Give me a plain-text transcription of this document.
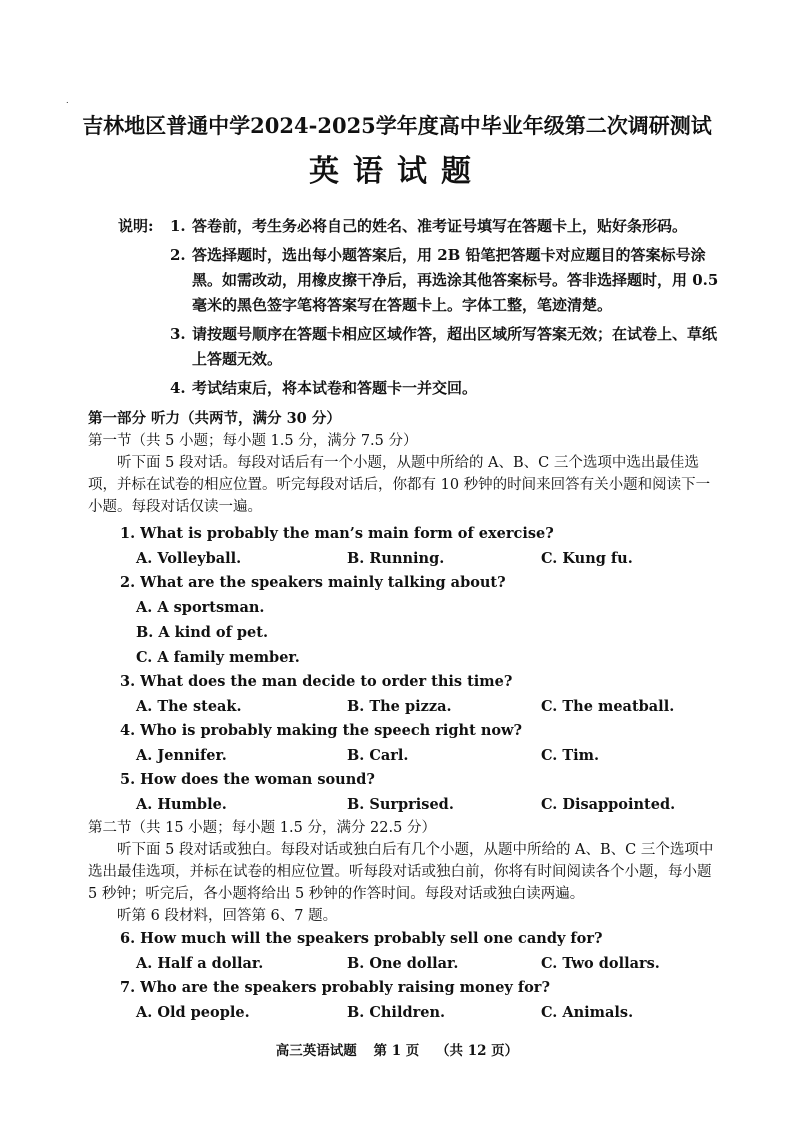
.
吉林地区普通中学2024-2025学年度高中毕业年级第二次调研测试
英语试题
说明:	1. 答卷前，考生务必将自己的姓名、准考证号填写在答题卡上，贴好条形码。
2. 答选择题时，选出每小题答案后，用 2B 铅笔把答题卡对应题目的答案标号涂黑。如需改动，用橡皮擦干净后，再选涂其他答案标号。答非选择题时，用 0.5 毫米的黑色签字笔将答案写在答题卡上。字体工整，笔迹清楚。
3. 请按题号顺序在答题卡相应区域作答，超出区域所写答案无效；在试卷上、草纸上答题无效。
4. 考试结束后，将本试卷和答题卡一并交回。
第一部分 听力（共两节，满分 30 分）
第一节（共 5 小题；每小题 1.5 分，满分 7.5 分）
听下面 5 段对话。每段对话后有一个小题，从题中所给的 A、B、C 三个选项中选出最佳选项，并标在试卷的相应位置。听完每段对话后，你都有 10 秒钟的时间来回答有关小题和阅读下一小题。每段对话仅读一遍。
1. What is probably the man’s main form of exercise?
A. Volleyball.	B. Running.	C. Kung fu.
2. What are the speakers mainly talking about?
A. A sportsman.
B. A kind of pet.
C. A family member.
3. What does the man decide to order this time?
A. The steak.	B. The pizza.	C. The meatball.
4. Who is probably making the speech right now?
A. Jennifer.	B. Carl.	C. Tim.
5. How does the woman sound?
A. Humble.	B. Surprised.	C. Disappointed.
第二节（共 15 小题；每小题 1.5 分，满分 22.5 分）
听下面 5 段对话或独白。每段对话或独白后有几个小题，从题中所给的 A、B、C 三个选项中选出最佳选项，并标在试卷的相应位置。听每段对话或独白前，你将有时间阅读各个小题，每小题 5 秒钟；听完后，各小题将给出 5 秒钟的作答时间。每段对话或独白读两遍。
听第 6 段材料，回答第 6、7 题。
6. How much will the speakers probably sell one candy for?
A. Half a dollar.	B. One dollar.	C. Two dollars.
7. Who are the speakers probably raising money for?
A. Old people.	B. Children.	C. Animals.
高三英语试题 第 1 页 （共 12 页）
